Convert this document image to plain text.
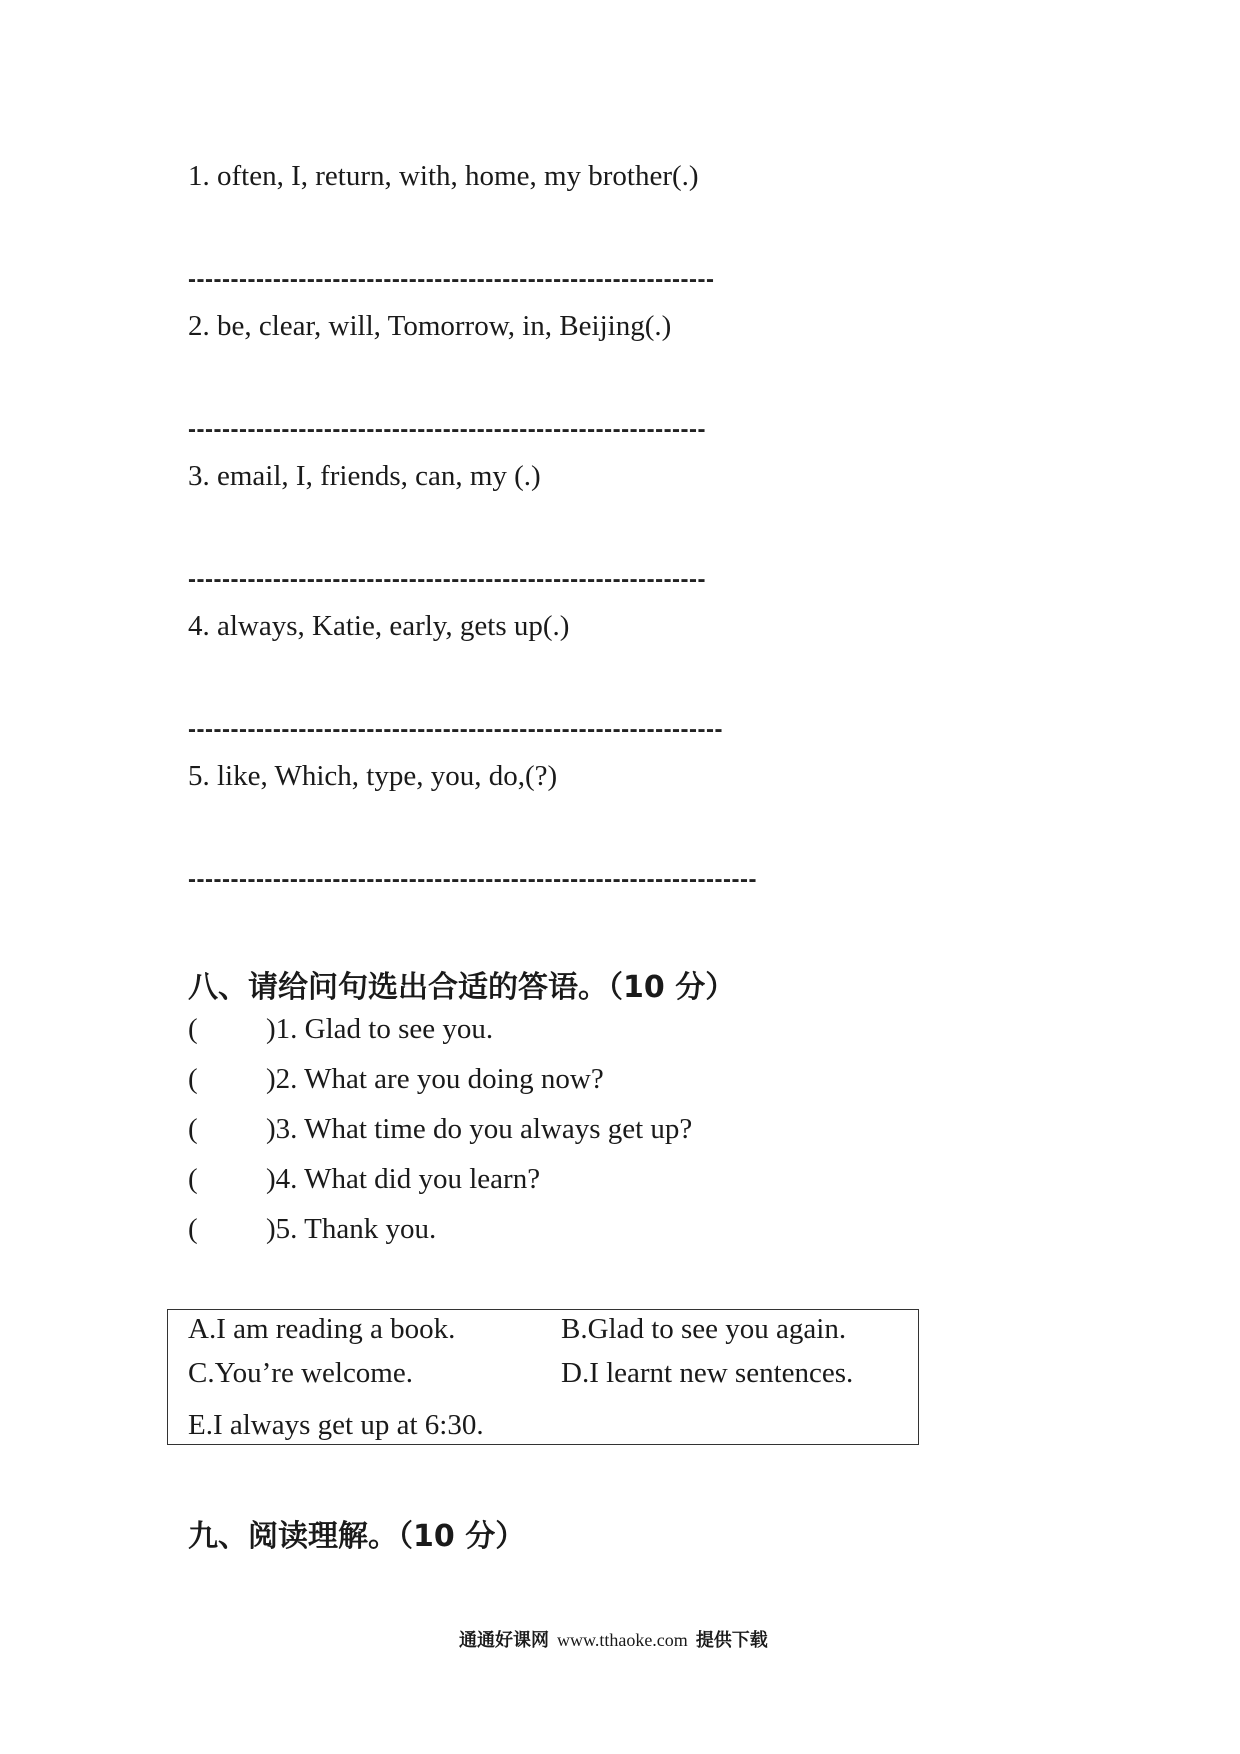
1. often, I, return, with, home, my brother(.)
--------------------------------------------------------------
2. be, clear, will, Tomorrow, in, Beijing(.)
-------------------------------------------------------------
3. email, I, friends, can, my (.)
-------------------------------------------------------------
4. always, Katie, early, gets up(.)
---------------------------------------------------------------
5. like, Which, type, you, do,(?)
-------------------------------------------------------------------
八、请给问句选出合适的答语。（10 分）
( )1. Glad to see you.
( )2. What are you doing now?
( )3. What time do you always get up?
( )4. What did you learn?
( )5. Thank you.
A.I am reading a book.	B.Glad to see you again.
C.You’re welcome.	D.I learnt new sentences.
E.I always get up at 6:30.
九、阅读理解。（10 分）
通通好课网 www.tthaoke.com 提供下载
